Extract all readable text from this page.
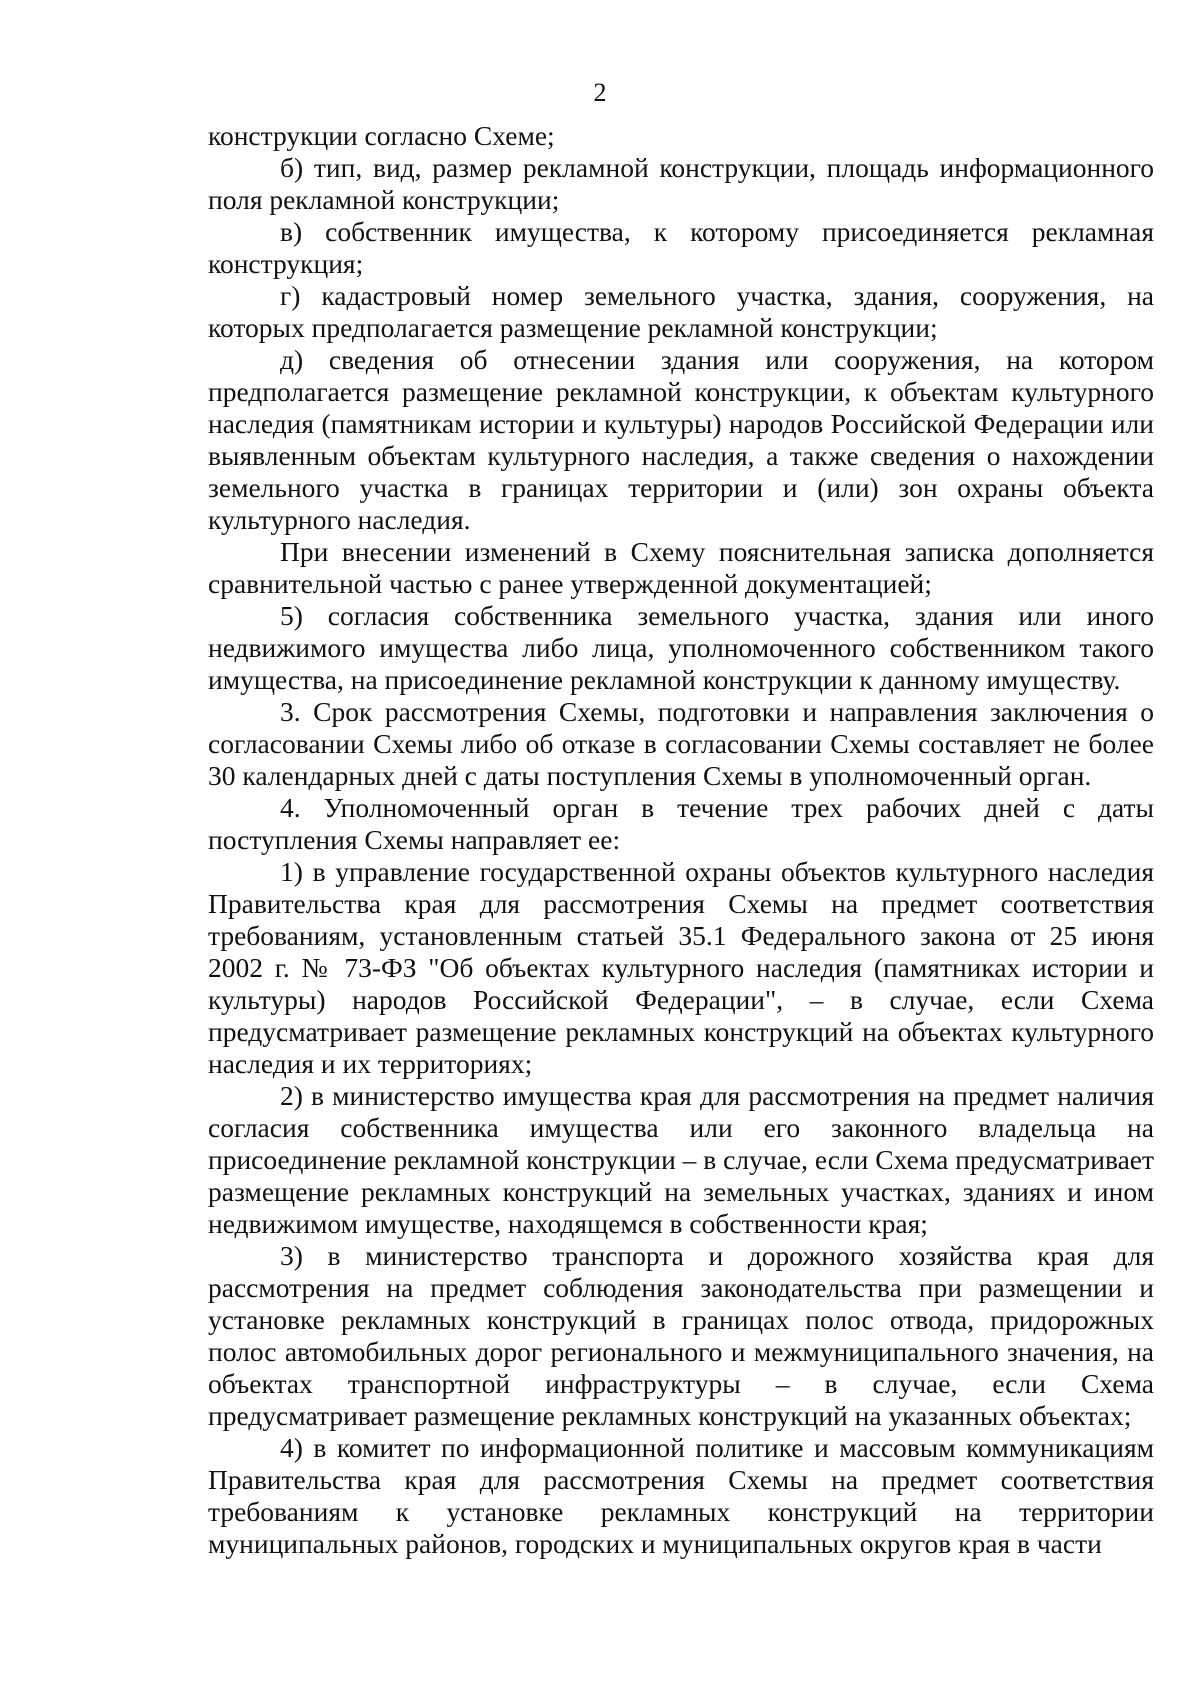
2

конструкции согласно Схеме;

б) тип, вид, размер рекламной конструкции, площадь информационного поля рекламной конструкции;

в) собственник имущества, к которому присоединяется рекламная конструкция;

г) кадастровый номер земельного участка, здания, сооружения, на которых предполагается размещение рекламной конструкции;

д) сведения об отнесении здания или сооружения, на котором предполагается размещение рекламной конструкции, к объектам культурного наследия (памятникам истории и культуры) народов Российской Федерации или выявленным объектам культурного наследия, а также сведения о нахождении земельного участка в границах территории и (или) зон охраны объекта культурного наследия.

При внесении изменений в Схему пояснительная записка дополняется сравнительной частью с ранее утвержденной документацией;

5) согласия собственника земельного участка, здания или иного недвижимого имущества либо лица, уполномоченного собственником такого имущества, на присоединение рекламной конструкции к данному имуществу.

3. Срок рассмотрения Схемы, подготовки и направления заключения о согласовании Схемы либо об отказе в согласовании Схемы составляет не более 30 календарных дней с даты поступления Схемы в уполномоченный орган.

4. Уполномоченный орган в течение трех рабочих дней с даты поступления Схемы направляет ее:

1) в управление государственной охраны объектов культурного наследия Правительства края для рассмотрения Схемы на предмет соответствия требованиям, установленным статьей 35.1 Федерального закона от 25 июня 2002 г. № 73-ФЗ "Об объектах культурного наследия (памятниках истории и культуры) народов Российской Федерации", – в случае, если Схема предусматривает размещение рекламных конструкций на объектах культурного наследия и их территориях;

2) в министерство имущества края для рассмотрения на предмет наличия согласия собственника имущества или его законного владельца на присоединение рекламной конструкции – в случае, если Схема предусматривает размещение рекламных конструкций на земельных участках, зданиях и ином недвижимом имуществе, находящемся в собственности края;

3) в министерство транспорта и дорожного хозяйства края для рассмотрения на предмет соблюдения законодательства при размещении и установке рекламных конструкций в границах полос отвода, придорожных полос автомобильных дорог регионального и межмуниципального значения, на объектах транспортной инфраструктуры – в случае, если Схема предусматривает размещение рекламных конструкций на указанных объектах;

4) в комитет по информационной политике и массовым коммуникациям Правительства края для рассмотрения Схемы на предмет соответствия требованиям к установке рекламных конструкций на территории муниципальных районов, городских и муниципальных округов края в части
